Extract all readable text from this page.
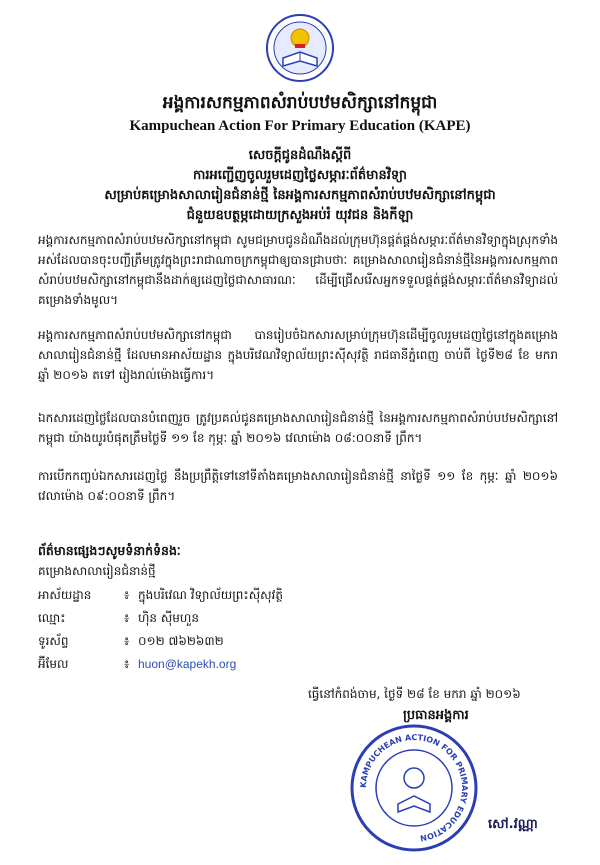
អង្គការសកម្មភាពសំរាប់បឋមសិក្សានៅកម្ពុជា
Kampuchean Action For Primary Education (KAPE)
សេចក្តីជូនដំណឹងស្តីពី
ការអញ្ជើញចូលរួមដេញថ្លៃសម្ភារៈព័ត៌មានវិទ្យា
សម្រាប់គម្រោងសាលារៀនជំនាន់ថ្មី នៃអង្គការសកម្មភាពសំរាប់បឋមសិក្សានៅកម្ពុជា
ជំនួយឧបត្ថម្ភដោយក្រសួងអប់រំ យុវជន និងកីឡា
អង្គការសកម្មភាពសំរាប់បឋមសិក្សានៅកម្ពុជា សូមជម្រាបជូនដំណឹងដល់ក្រុមហ៊ុនផ្គត់ផ្គង់សម្ភារៈព័ត៌មានវិទ្យាក្នុងស្រុកទាំងអស់ដែលបានចុះបញ្ជីត្រឹមត្រូវក្នុងព្រះរាជាណាចក្រកម្ពុជាឲ្យបានជ្រាបថាៈ គម្រោងសាលារៀនជំនាន់ថ្មីនៃអង្គការសកម្មភាពសំរាប់បឋមសិក្សានៅកម្ពុជានឹងដាក់ឲ្យដេញថ្លៃជាសាធារណៈ ដើម្បីជ្រើសរើសអ្នកទទួលផ្គត់ផ្គង់សម្ភារៈព័ត៌មានវិទ្យាដល់គម្រោងទាំងមូល។
អង្គការសកម្មភាពសំរាប់បឋមសិក្សានៅកម្ពុជា បានរៀបចំឯកសារសម្រាប់ក្រុមហ៊ុនដើម្បីចូលរួមដេញថ្លៃនៅក្នុងគម្រោងសាលារៀនជំនាន់ថ្មី ដែលមានអាស័យដ្ឋាន ក្នុងបរិវេណវិទ្យាល័យព្រះស៊ីសុវត្ថិ រាជធានីភ្នំពេញ ចាប់ពី ថ្ងៃទី២៨ ខែ មករា ឆ្នាំ ២០១៦ តទៅ រៀងរាល់ម៉ោងធ្វើការ។
ឯកសារដេញថ្លៃដែលបានបំពេញរួច ត្រូវប្រគល់ជូនគម្រោងសាលារៀនជំនាន់ថ្មី នៃអង្គការសកម្មភាពសំរាប់បឋមសិក្សានៅកម្ពុជា យ៉ាងយូរបំផុតត្រឹមថ្ងៃទី ១១ ខែ កុម្ភៈ ឆ្នាំ ២០១៦ វេលាម៉ោង ០៨:០០នាទី ព្រឹក។
ការបើកកញ្ចប់ឯកសារដេញថ្លៃ នឹងប្រព្រឹត្តិទៅនៅទីតាំងគម្រោងសាលារៀនជំនាន់ថ្មី នាថ្ងៃទី ១១ ខែ កុម្ភៈ ឆ្នាំ ២០១៦ វេលាម៉ោង ០៩:០០នាទី ព្រឹក។
ព័ត៌មានផ្សេងៗសូមទំនាក់ទំនងៈ
គម្រោងសាលារៀនជំនាន់ថ្មី
អាស័យដ្ឋាន	៖ ក្នុងបរិវេណ វិទ្យាល័យព្រះស៊ីសុវត្ថិ
ឈ្មោះ	៖ ហ៊ិន ស៊ីមហួន
ទូរស័ព្ទ	៖ ០១២ ៧៦២៦៣២
អ៊ីមែល	៖ huon@kapekh.org
ធ្វើនៅកំពង់ចាម, ថ្ងៃទី ២៨ ខែ មករា ឆ្នាំ ២០១៦
ប្រធានអង្គការ
KAMPUCHEAN ACTION FOR PRIMARY EDUCATION
សៅ.វណ្ណា
